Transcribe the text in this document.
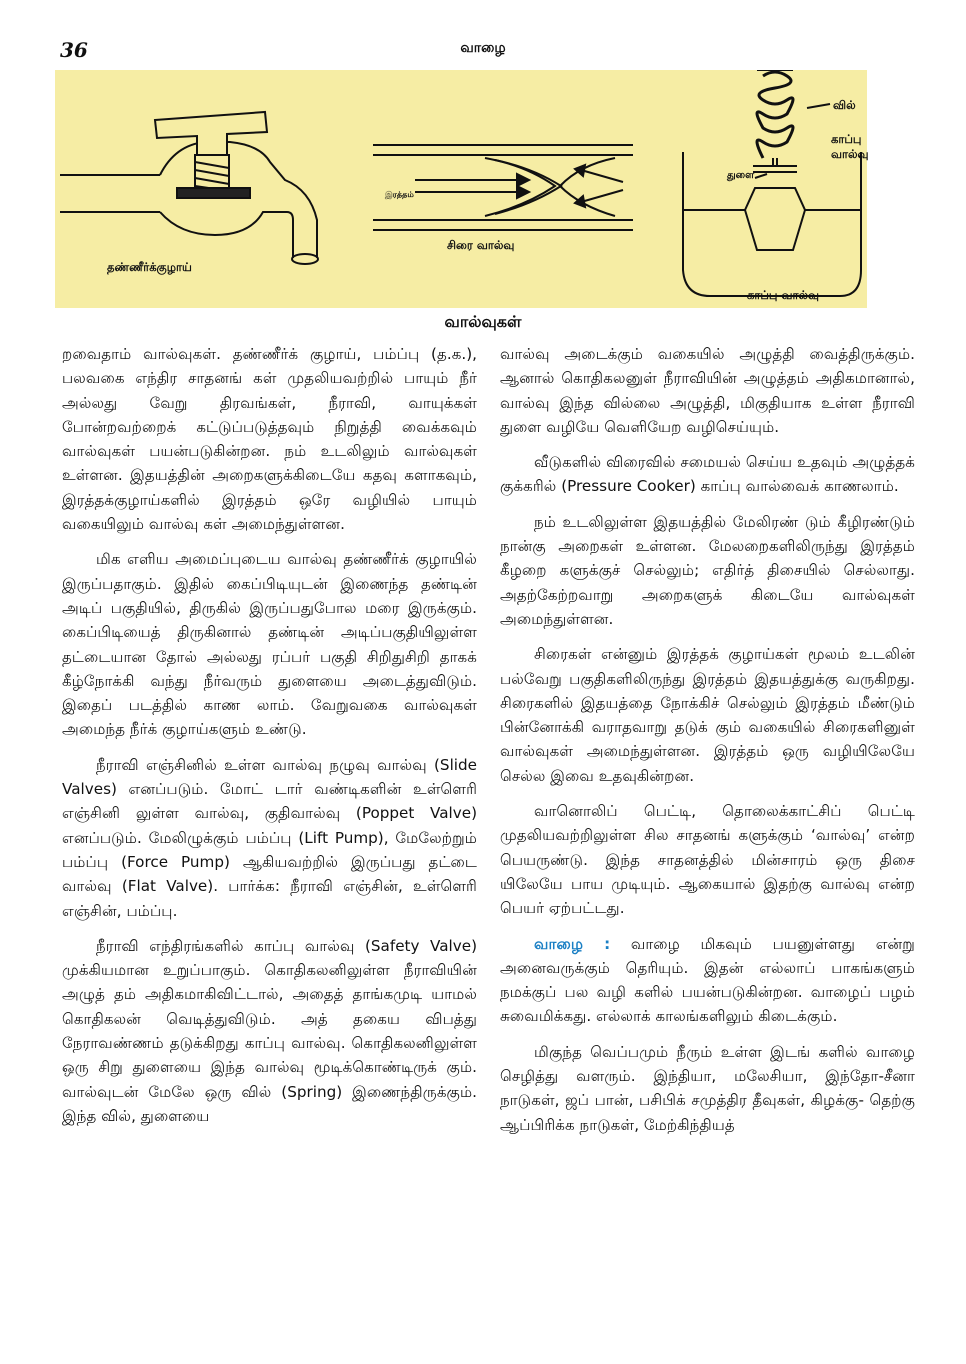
36	வாழை
தண்ணீர்க்குழாய்
இரத்தம்
சிரை வால்வு
வில்
காப்பு
வால்வு
துளை
காப்பு வால்வு
வால்வுகள்

றவைதாம் வால்வுகள். தண்ணீர்க் குழாய், பம்ப்பு (த.க.), பலவகை எந்திர சாதனங் கள் முதலியவற்றில் பாயும் நீர் அல்லது வேறு திரவங்கள், நீராவி, வாயுக்கள் போன்றவற்றைக் கட்டுப்படுத்தவும் நிறுத்தி வைக்கவும் வால்வுகள் பயன்படுகின்றன. நம் உடலிலும் வால்வுகள் உள்ளன. இதயத்தின் அறைகளுக்கிடையே கதவு களாகவும், இரத்தக்குழாய்களில் இரத்தம் ஒரே வழியில் பாயும் வகையிலும் வால்வு கள் அமைந்துள்ளன.

மிக எளிய அமைப்புடைய வால்வு தண்ணீர்க் குழாயில் இருப்பதாகும். இதில் கைப்பிடியுடன் இணைந்த தண்டின் அடிப் பகுதியில், திருகில் இருப்பதுபோல மரை இருக்கும். கைப்பிடியைத் திருகினால் தண்டின் அடிப்பகுதியிலுள்ள தட்டையான தோல் அல்லது ரப்பர் பகுதி சிறிதுசிறி தாகக் கீழ்நோக்கி வந்து நீர்வரும் துளையை அடைத்துவிடும். இதைப் படத்தில் காண லாம். வேறுவகை வால்வுகள் அமைந்த நீர்க் குழாய்களும் உண்டு.

நீராவி எஞ்சினில் உள்ள வால்வு நழுவு வால்வு (Slide Valves) எனப்படும். மோட் டார் வண்டிகளின் உள்ளெரி எஞ்சினி லுள்ள வால்வு, குதிவால்வு (Poppet Valve) எனப்படும். மேலிழுக்கும் பம்ப்பு (Lift Pump), மேலேற்றும் பம்ப்பு (Force Pump) ஆகியவற்றில் இருப்பது தட்டை வால்வு (Flat Valve). பார்க்க: நீராவி எஞ்சின், உள்ளெரி எஞ்சின், பம்ப்பு.

நீராவி எந்திரங்களில் காப்பு வால்வு (Safety Valve) முக்கியமான உறுப்பாகும். கொதிகலனிலுள்ள நீராவியின் அழுத் தம் அதிகமாகிவிட்டால், அதைத் தாங்கமுடி யாமல் கொதிகலன் வெடித்துவிடும். அத் தகைய விபத்து நேராவண்ணம் தடுக்கிறது காப்பு வால்வு. கொதிகலனிலுள்ள ஒரு சிறு துளையை இந்த வால்வு மூடிக்கொண்டிருக் கும். வால்வுடன் மேலே ஒரு வில் (Spring) இணைந்திருக்கும். இந்த வில், துளையை

வால்வு அடைக்கும் வகையில் அழுத்தி வைத்திருக்கும். ஆனால் கொதிகலனுள் நீராவியின் அழுத்தம் அதிகமானால், வால்வு இந்த வில்லை அழுத்தி, மிகுதியாக உள்ள நீராவி துளை வழியே வெளியேற வழிசெய்யும்.

வீடுகளில் விரைவில் சமையல் செய்ய உதவும் அழுத்தக் குக்கரில் (Pressure Cooker) காப்பு வால்வைக் காணலாம்.

நம் உடலிலுள்ள இதயத்தில் மேலிரண் டும் கீழிரண்டும் நான்கு அறைகள் உள்ளன. மேலறைகளிலிருந்து இரத்தம் கீழறை களுக்குச் செல்லும்; எதிர்த் திசையில் செல்லாது. அதற்கேற்றவாறு அறைகளுக் கிடையே வால்வுகள் அமைந்துள்ளன.

சிரைகள் என்னும் இரத்தக் குழாய்கள் மூலம் உடலின் பல்வேறு பகுதிகளிலிருந்து இரத்தம் இதயத்துக்கு வருகிறது. சிரைகளில் இதயத்தை நோக்கிச் செல்லும் இரத்தம் மீண்டும் பின்னோக்கி வராதவாறு தடுக் கும் வகையில் சிரைகளினுள் வால்வுகள் அமைந்துள்ளன. இரத்தம் ஒரு வழியிலேயே செல்ல இவை உதவுகின்றன.

வானொலிப் பெட்டி, தொலைக்காட்சிப் பெட்டி முதலியவற்றிலுள்ள சில சாதனங் களுக்கும் ‘வால்வு’ என்ற பெயருண்டு. இந்த சாதனத்தில் மின்சாரம் ஒரு திசை யிலேயே பாய முடியும். ஆகையால் இதற்கு வால்வு என்ற பெயர் ஏற்பட்டது.

வாழை : வாழை மிகவும் பயனுள்ளது என்று அனைவருக்கும் தெரியும். இதன் எல்லாப் பாகங்களும் நமக்குப் பல வழி களில் பயன்படுகின்றன. வாழைப் பழம் சுவைமிக்கது. எல்லாக் காலங்களிலும் கிடைக்கும்.

மிகுந்த வெப்பமும் நீரும் உள்ள இடங் களில் வாழை செழித்து வளரும். இந்தியா, மலேசியா, இந்தோ-சீனா நாடுகள், ஜப் பான், பசிபிக் சமுத்திர தீவுகள், கிழக்கு- தெற்கு ஆப்பிரிக்க நாடுகள், மேற்கிந்தியத்
